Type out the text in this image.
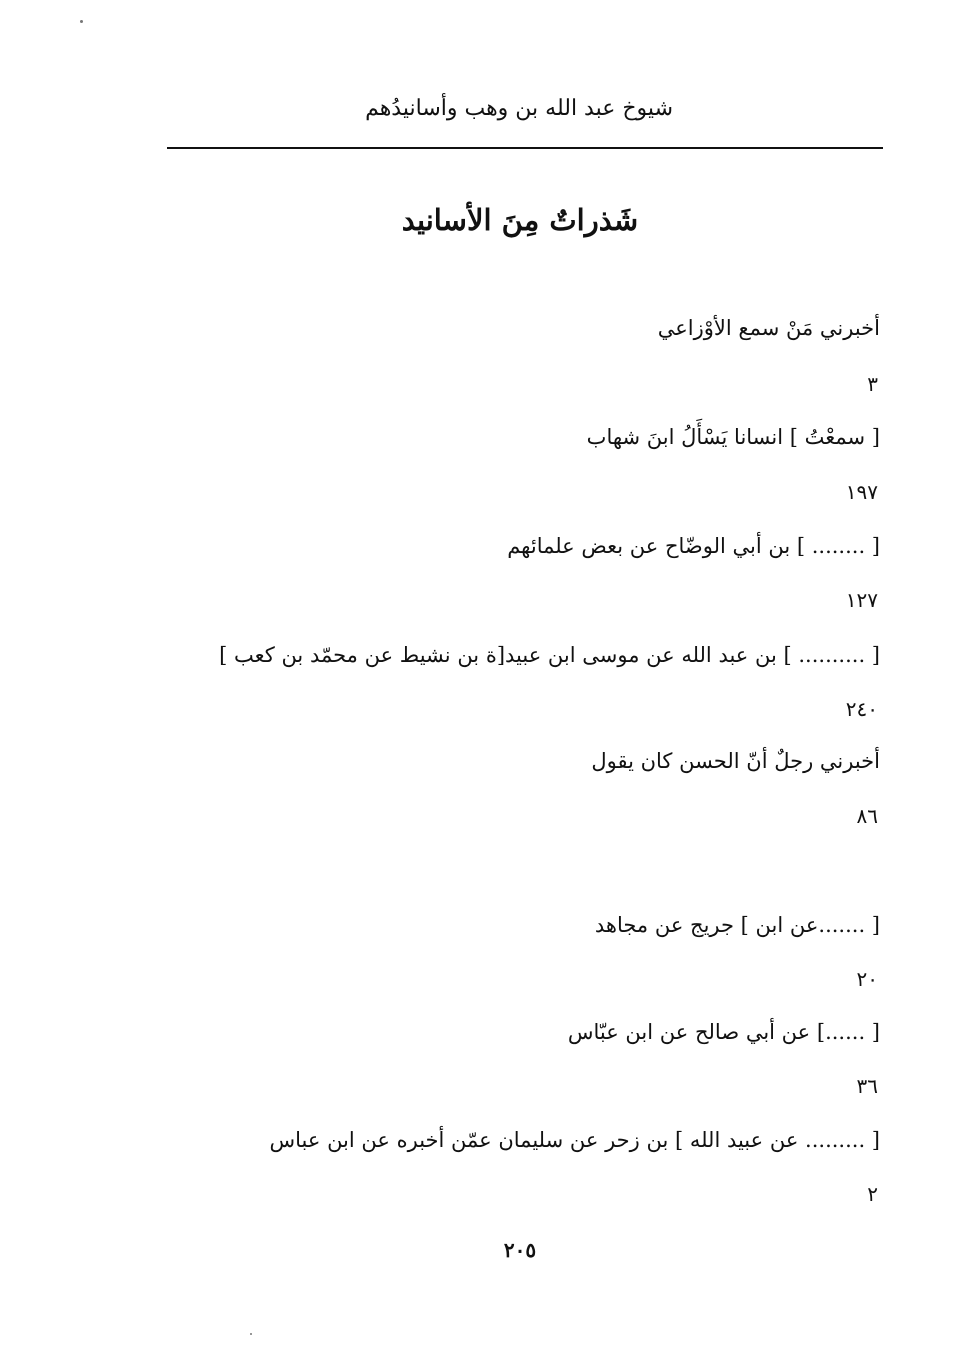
شيوخ عبد الله بن وهب وأسانيدُهم
شَذراتٌ مِنَ الأسانيد
أخبرني مَنْ سمع الأوْزاعي
٣
[ سمعْتُ ] انسانا يَسْأَلُ ابنَ شهاب
١٩٧
[ ........ ] بن أبي الوضّاح عن بعض علمائهم
١٢٧
[ .......... ] بن عبد الله عن موسى ابن عبيد[ة بن نشيط عن محمّد بن كعب ]
٢٤٠
أخبرني رجلٌ أنّ الحسن كان يقول
٨٦
[ .......عن ابن ] جريج عن مجاهد
٢٠
[ ......] عن أبي صالح عن ابن عبّاس
٣٦
[ ......... عن عبيد الله ] بن زحر عن سليمان عمّن أخبره عن ابن عباس
٢
٢٠٥
